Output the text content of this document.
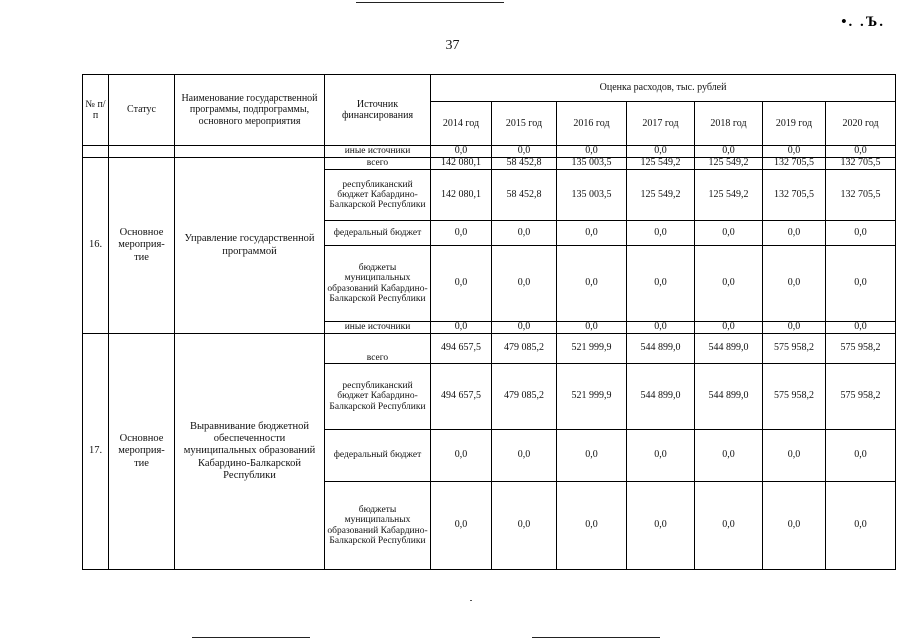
•. .Ъ.
37
№ п/п	Статус	Наименование государственной программы, подпрограммы, основного мероприятия	Источник финансирования	Оценка расходов, тыс. рублей						
				2014 год	2015 год	2016 год	2017 год	2018 год	2019 год	2020 год
			иные источники	0,0	0,0	0,0	0,0	0,0	0,0	0,0
16.	Основное мероприя-тие	Управление государственной программой	всего	142 080,1	58 452,8	135 003,5	125 549,2	125 549,2	132 705,5	132 705,5
			республиканский бюджет Кабардино-Балкарской Республики	142 080,1	58 452,8	135 003,5	125 549,2	125 549,2	132 705,5	132 705,5
			федеральный бюджет	0,0	0,0	0,0	0,0	0,0	0,0	0,0
			бюджеты муниципальных образований Кабардино-Балкарской Республики	0,0	0,0	0,0	0,0	0,0	0,0	0,0
			иные источники	0,0	0,0	0,0	0,0	0,0	0,0	0,0
17.	Основное мероприя-тие	Выравнивание бюджетной обеспеченности муниципальных образований Кабардино-Балкарской Республики	всего	494 657,5	479 085,2	521 999,9	544 899,0	544 899,0	575 958,2	575 958,2
			республиканский бюджет Кабардино-Балкарской Республики	494 657,5	479 085,2	521 999,9	544 899,0	544 899,0	575 958,2	575 958,2
			федеральный бюджет	0,0	0,0	0,0	0,0	0,0	0,0	0,0
			бюджеты муниципальных образований Кабардино-Балкарской Республики	0,0	0,0	0,0	0,0	0,0	0,0	0,0
